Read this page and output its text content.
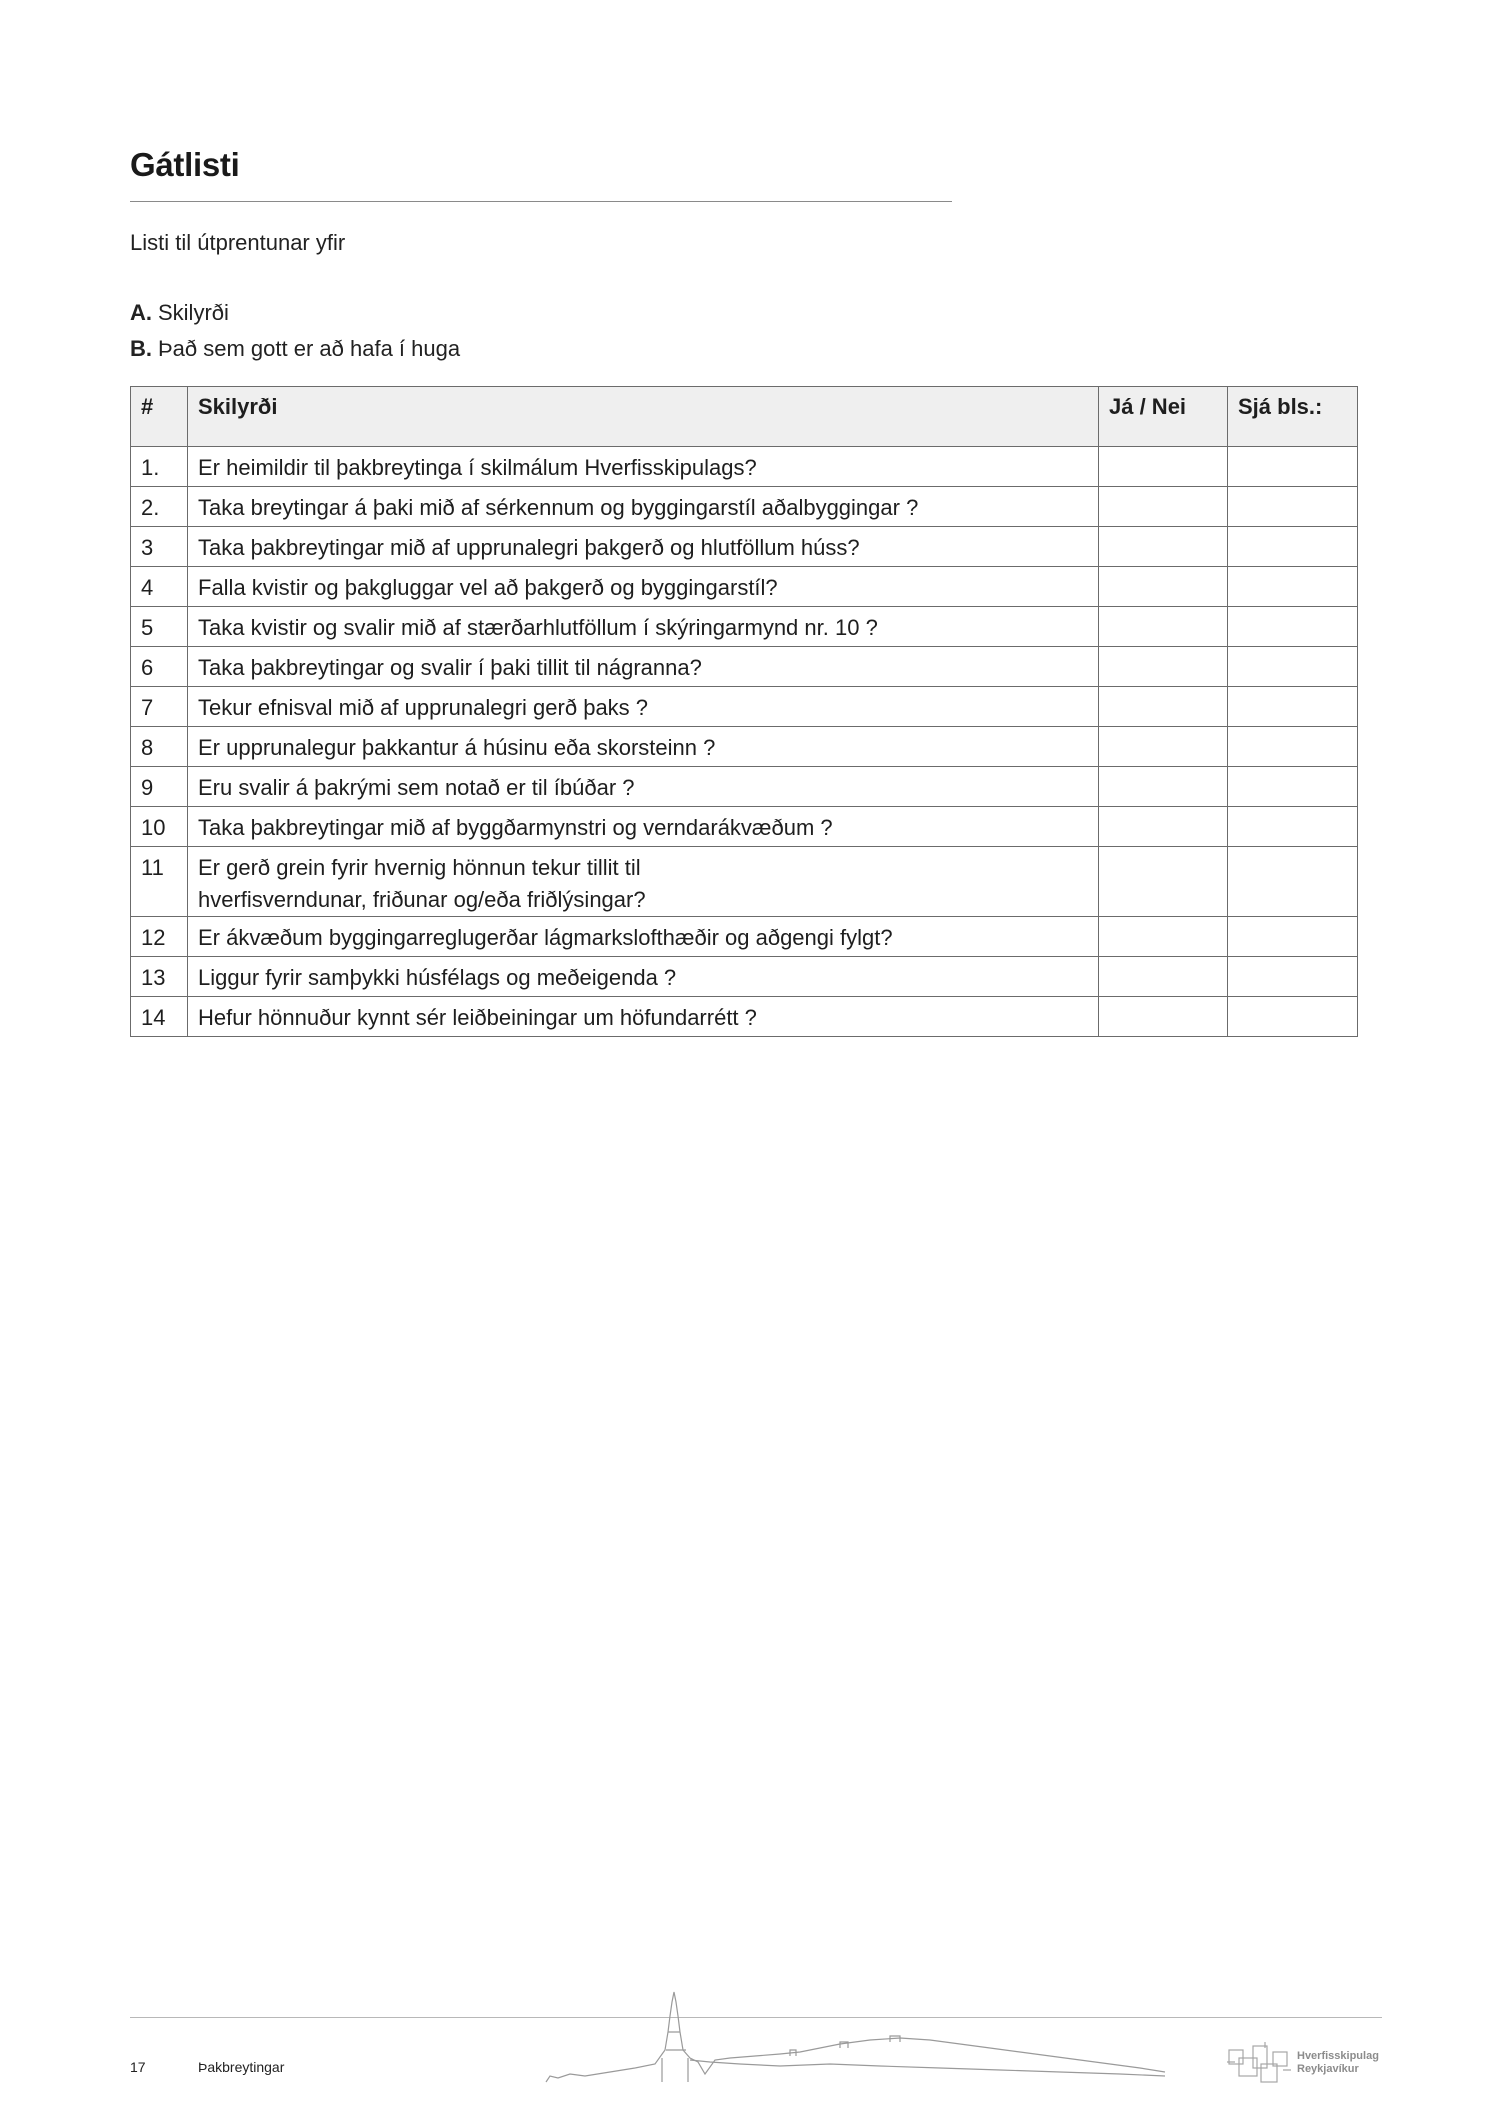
Gátlisti
Listi til útprentunar yfir
A. Skilyrði
B. Það sem gott er að hafa í huga
#	Skilyrði	Já / Nei	Sjá bls.:
1.	Er heimildir til þakbreytinga í skilmálum Hverfisskipulags?		
2.	Taka breytingar á þaki mið af sérkennum og byggingarstíl aðalbyggingar ?		
3	Taka þakbreytingar mið af upprunalegri þakgerð og hlutföllum húss?		
4	Falla kvistir og þakgluggar vel að þakgerð og byggingarstíl?		
5	Taka kvistir og svalir mið af stærðarhlutföllum í skýringarmynd nr. 10 ?		
6	Taka þakbreytingar og svalir í þaki tillit til nágranna?		
7	Tekur efnisval mið af upprunalegri gerð þaks ?		
8	Er upprunalegur þakkantur á húsinu eða skorsteinn ?		
9	Eru svalir á þakrými sem notað er til íbúðar ?		
10	Taka þakbreytingar mið af byggðarmynstri og verndarákvæðum ?		
11	Er gerð grein fyrir hvernig hönnun tekur tillit til
hverfisverndunar, friðunar og/eða friðlýsingar?		

12	Er ákvæðum byggingarreglugerðar lágmarkslofthæðir og aðgengi fylgt?		
13	Liggur fyrir samþykki húsfélags og meðeigenda ?		
14	Hefur hönnuður kynnt sér leiðbeiningar um höfundarrétt ?		
Hverfisskipulag
Reykjavíkur
17	Þakbreytingar
